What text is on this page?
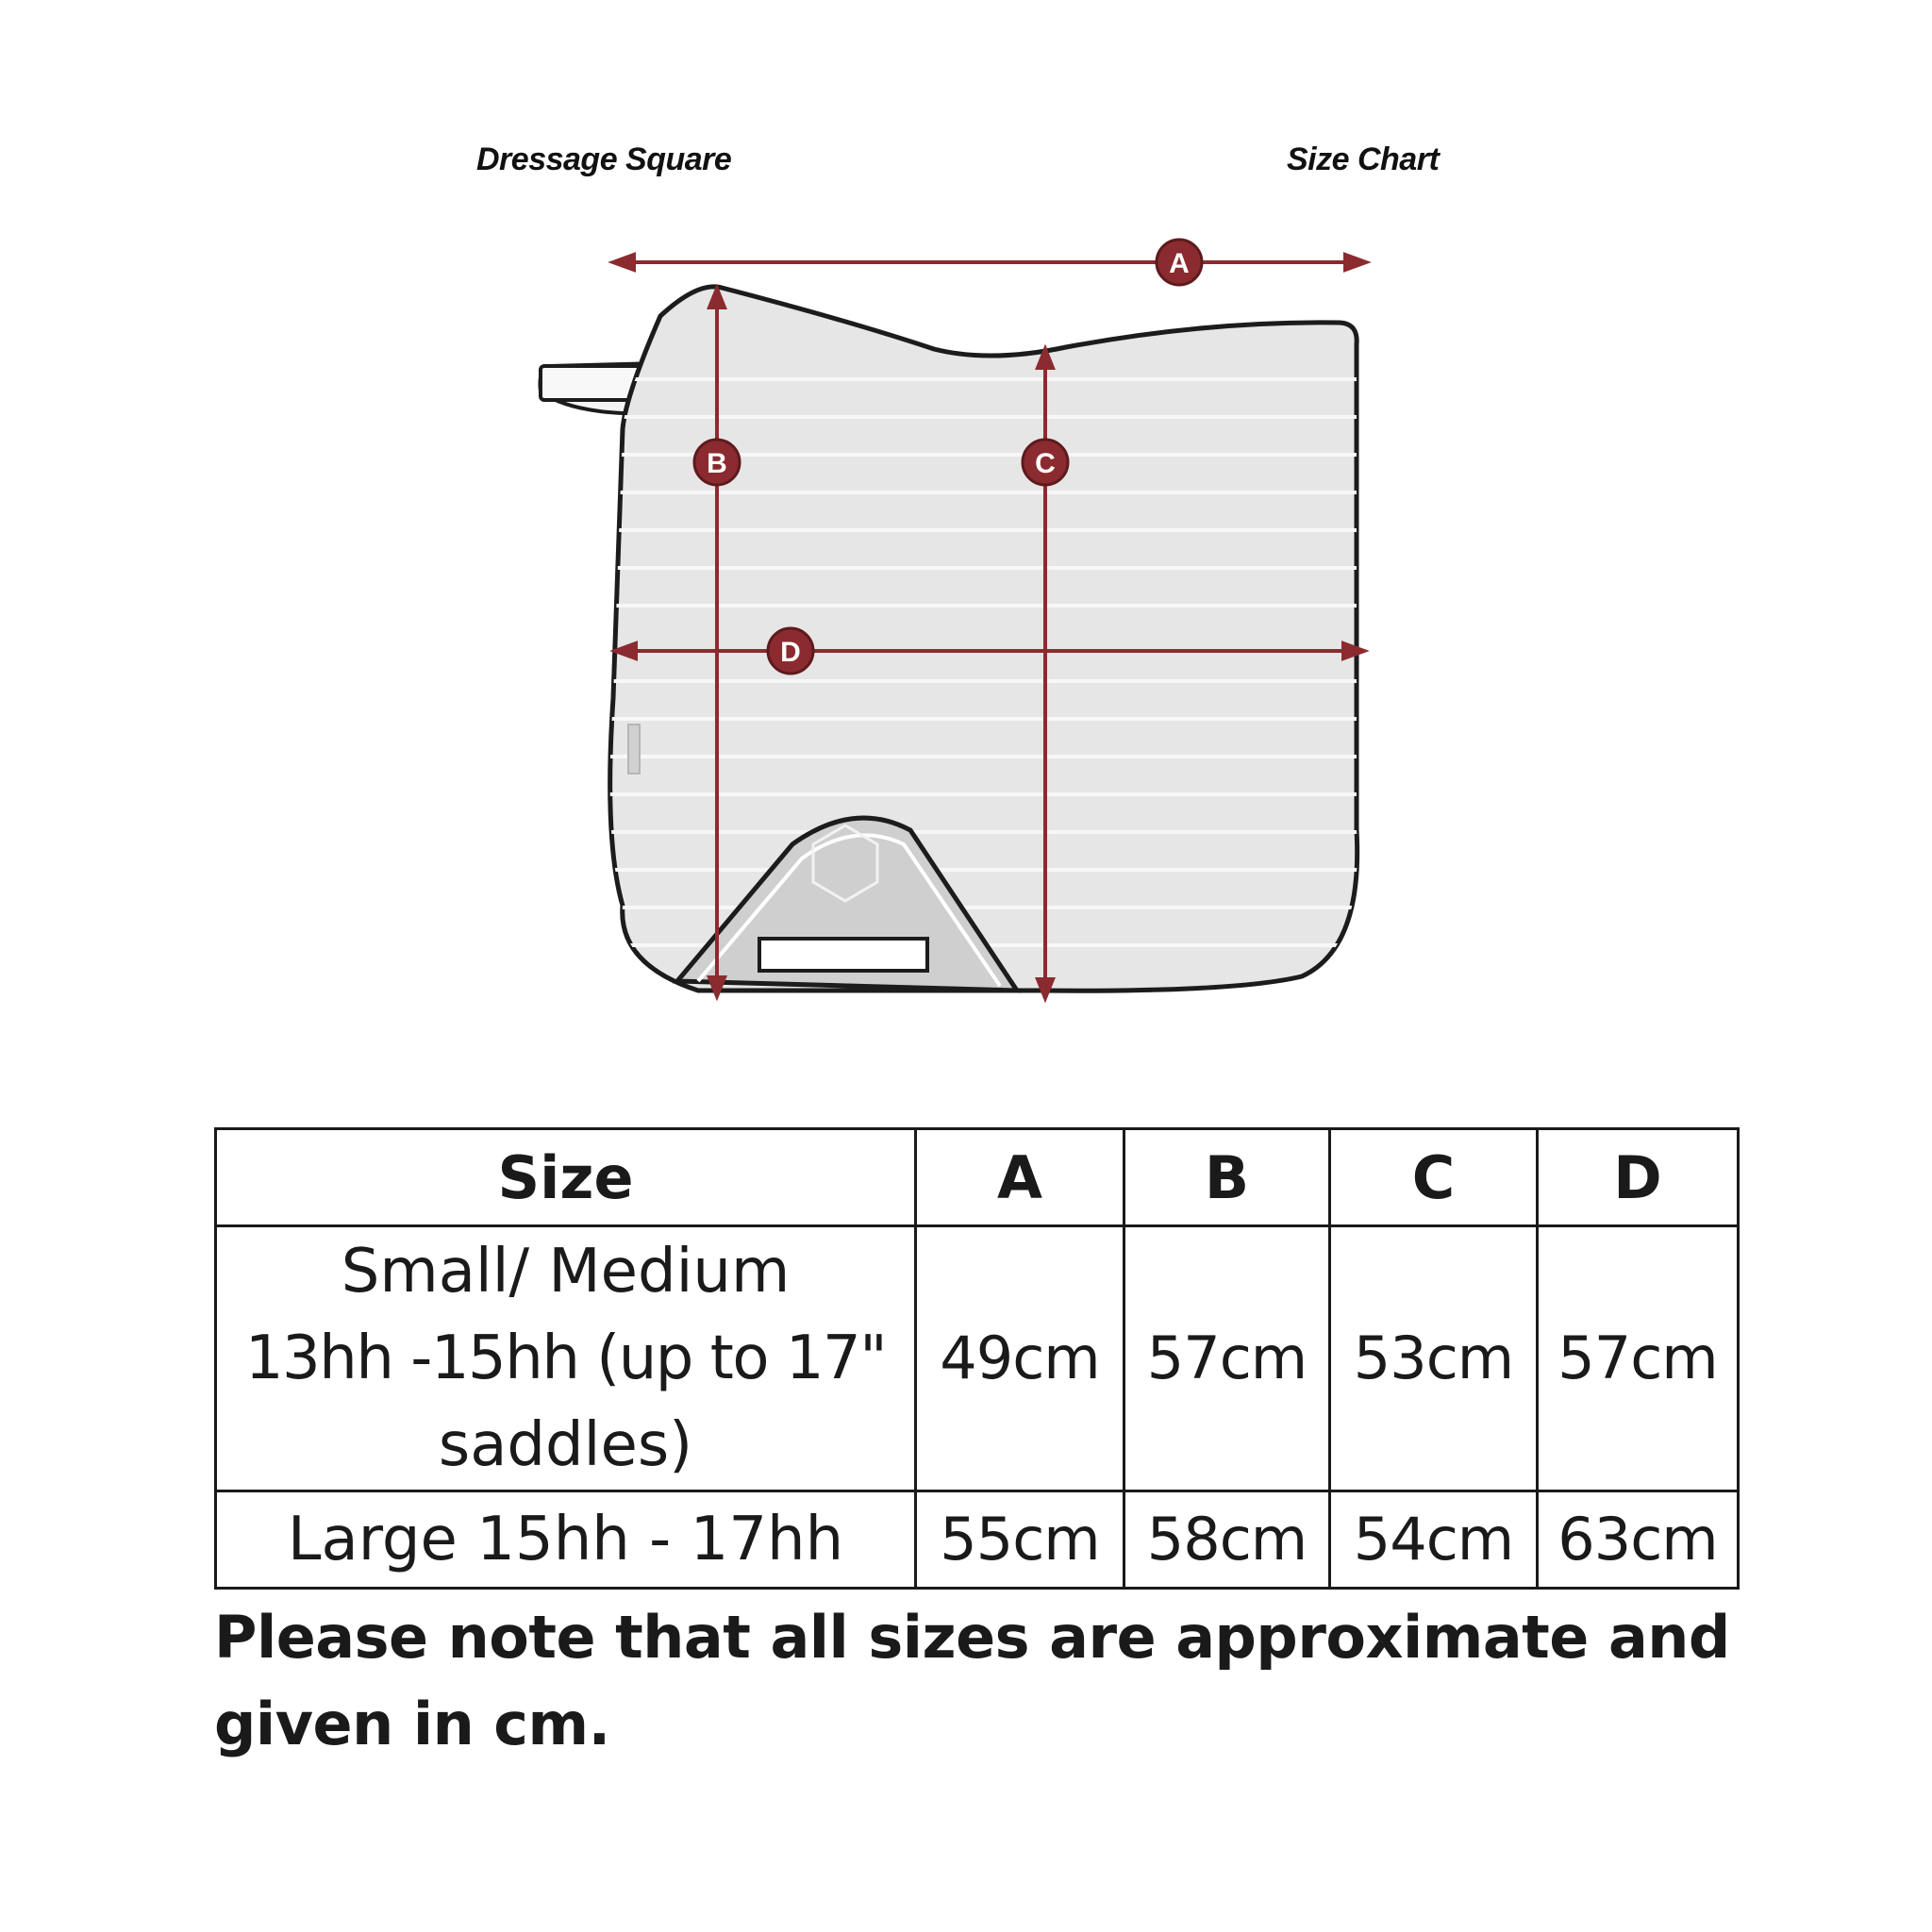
Dressage Square	Size Chart
A
B	C
D
Size	A	B	C	D

Small/ Medium
13hh -15hh (up to 17"
saddles)	49cm	57cm	53cm	57cm
Large 15hh - 17hh	55cm	58cm	54cm	63cm
Please note that all sizes are approximate and given in cm.
